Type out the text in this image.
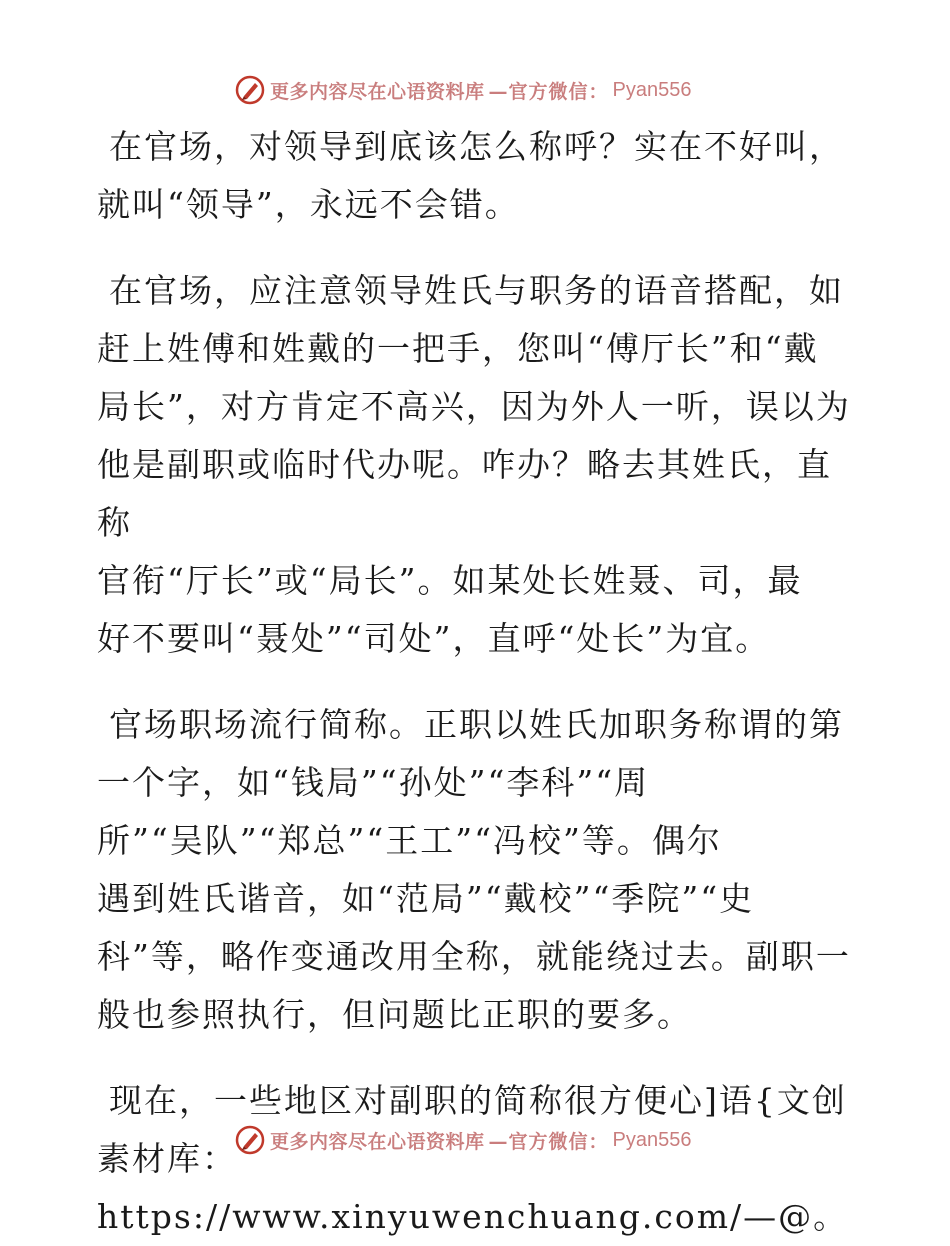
更多内容尽在心语资料库 —官方微信： Pyan556

在官场，对领导到底该怎么称呼？实在不好叫，
就叫“领导”，永远不会错。

在官场，应注意领导姓氏与职务的语音搭配，如
赶上姓傅和姓戴的一把手，您叫“傅厅长”和“戴
局长”，对方肯定不高兴，因为外人一听，误以为
他是副职或临时代办呢。咋办？略去其姓氏，直称
官衔“厅长”或“局长”。如某处长姓聂、司，最
好不要叫“聂处”“司处”，直呼“处长”为宜。

官场职场流行简称。正职以姓氏加职务称谓的第
一个字，如“钱局”“孙处”“李科”“周
所”“吴队”“郑总”“王工”“冯校”等。偶尔
遇到姓氏谐音，如“范局”“戴校”“季院”“史
科”等，略作变通改用全称，就能绕过去。副职一
般也参照执行，但问题比正职的要多。

现在，一些地区对副职的简称很方便心]语{文创
素材库：https://www.xinyuwenchuang.com/—@。

更多内容尽在心语资料库 —官方微信： Pyan556
